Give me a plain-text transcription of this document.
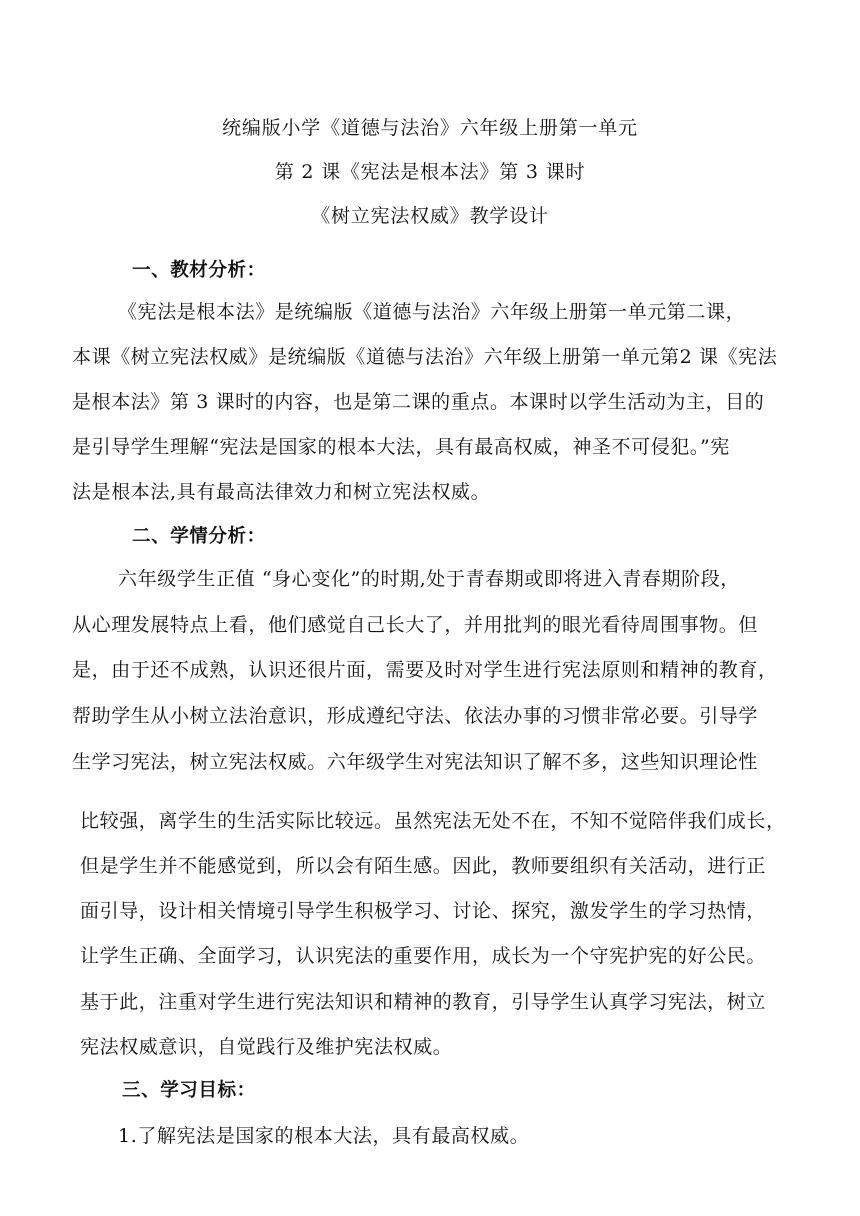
统编版小学《道德与法治》六年级上册第一单元
第 2 课《宪法是根本法》第 3 课时
《树立宪法权威》教学设计
一、教材分析：
《宪法是根本法》是统编版《道德与法治》六年级上册第一单元第二课，
本课《树立宪法权威》是统编版《道德与法治》六年级上册第一单元第2 课《宪法
是根本法》第 3 课时的内容，也是第二课的重点。本课时以学生活动为主，目的
是引导学生理解“宪法是国家的根本大法，具有最高权威，神圣不可侵犯。”宪
法是根本法,具有最高法律效力和树立宪法权威。
二、学情分析：
六年级学生正值 “身心变化”的时期,处于青春期或即将进入青春期阶段，
从心理发展特点上看，他们感觉自己长大了，并用批判的眼光看待周围事物。但
是，由于还不成熟，认识还很片面，需要及时对学生进行宪法原则和精神的教育，
帮助学生从小树立法治意识，形成遵纪守法、依法办事的习惯非常必要。引导学
生学习宪法，树立宪法权威。六年级学生对宪法知识了解不多，这些知识理论性
比较强，离学生的生活实际比较远。虽然宪法无处不在，不知不觉陪伴我们成长，
但是学生并不能感觉到，所以会有陌生感。因此，教师要组织有关活动，进行正
面引导，设计相关情境引导学生积极学习、讨论、探究，激发学生的学习热情，
让学生正确、全面学习，认识宪法的重要作用，成长为一个守宪护宪的好公民。
基于此，注重对学生进行宪法知识和精神的教育，引导学生认真学习宪法，树立
宪法权威意识，自觉践行及维护宪法权威。
三、学习目标：
1.了解宪法是国家的根本大法，具有最高权威。
